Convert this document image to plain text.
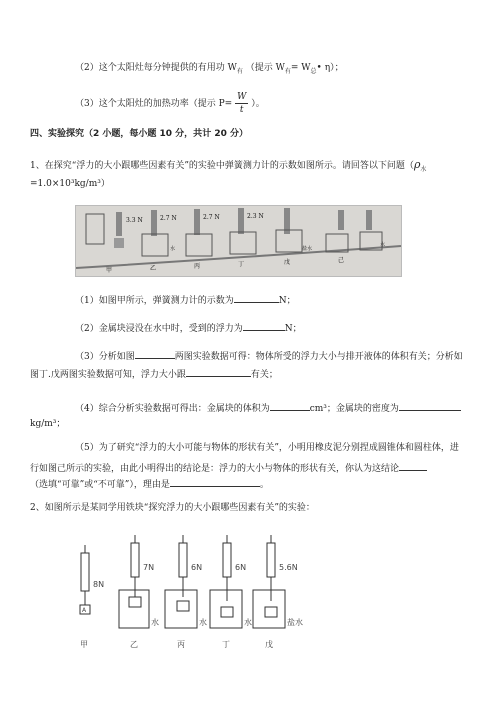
（2）这个太阳灶每分钟提供的有用功 $W_有$ （提示 $W_有=$ $W_总•$ η）；
（3）这个太阳灶的加热功率（提示 $P= \frac{W}{t}$ ）。
四、实验探究（2 小题，每小题 10 分，共计 20 分）
1、在探究“浮力的大小跟哪些因素有关”的实验中弹簧测力计的示数如图所示。请回答以下问题（$\rho_水$
=1.0×10³kg/m³）
3.3 N	2.7 N	2.7 N	2.3 N
甲	乙	丙	丁	戊	己
水	盐水
水
（1）如图甲所示，弹簧测力计的示数为	N；
（2）金属块浸没在水中时，受到的浮力为	N；
（3）分析如图	两图实验数据可得：物体所受的浮力大小与排开液体的体积有关；分析如
图丁.戊两图实验数据可知，浮力大小跟	有关；
（4）综合分析实验数据可得出：金属块的体积为	cm³；金属块的密度为
kg/m³；
（5）为了研究“浮力的大小可能与物体的形状有关”，小明用橡皮泥分别捏成圆锥体和圆柱体，进
行如图己所示的实验，由此小明得出的结论是：浮力的大小与物体的形状有关，你认为这结论
（选填“可靠”或“不可靠”），理由是	。
2、如图所示是某同学用铁块“探究浮力的大小跟哪些因素有关”的实验：
8N
7N	6N	6N	5.6N
A
水	水	水	盐水
甲	乙	丙	丁	戊
